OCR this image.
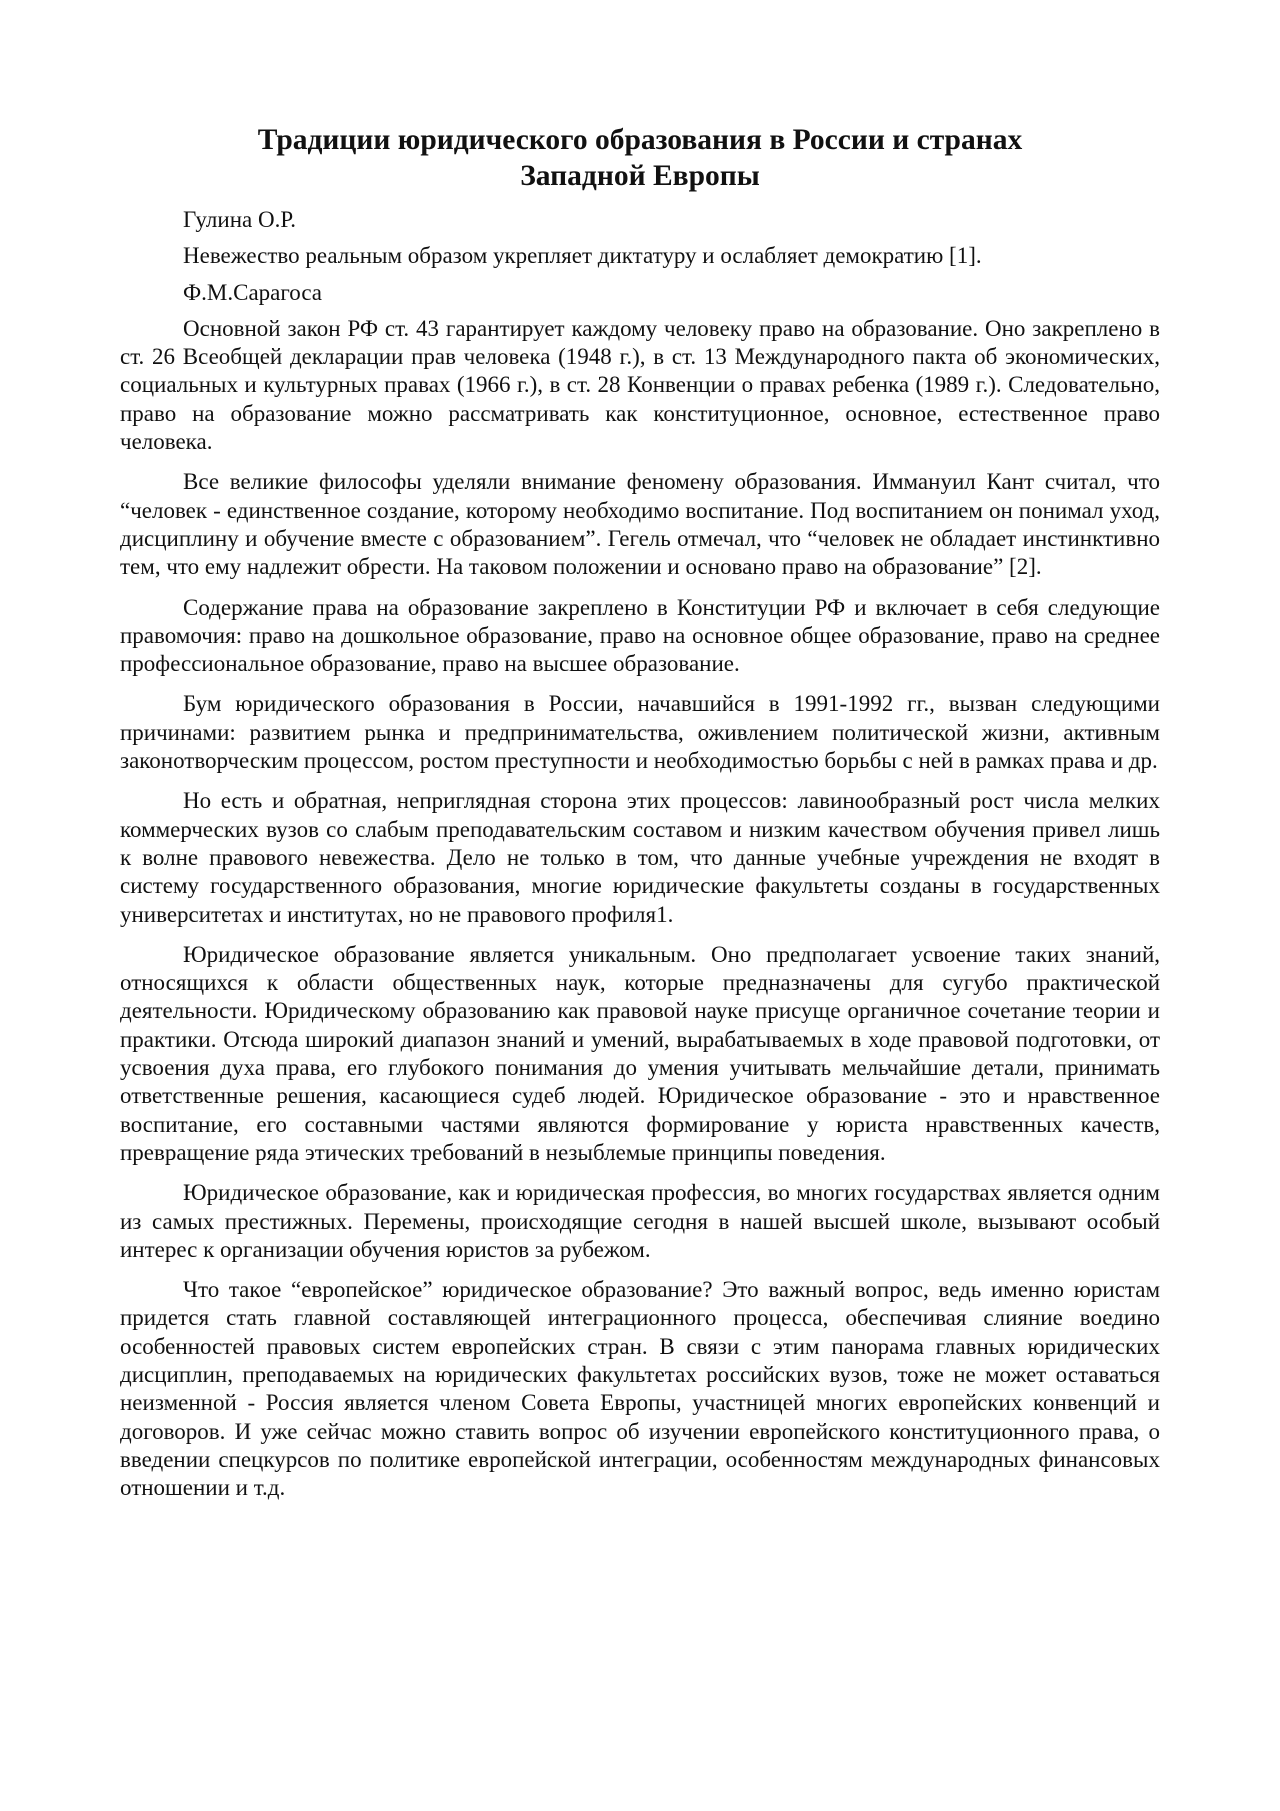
Традиции юридического образования в России и странах
Западной Европы

Гулина О.Р.

Невежество реальным образом укрепляет диктатуру и ослабляет демократию [1].

Ф.М.Сарагоса

Основной закон РФ ст. 43 гарантирует каждому человеку право на образование. Оно закреплено в ст. 26 Всеобщей декларации прав человека (1948 г.), в ст. 13 Международного пакта об экономических, социальных и культурных правах (1966 г.), в ст. 28 Конвенции о правах ребенка (1989 г.). Следовательно, право на образование можно рассматривать как конституционное, основное, естественное право человека.

Все великие философы уделяли внимание феномену образования. Иммануил Кант считал, что “человек - единственное создание, которому необходимо воспитание. Под воспитанием он понимал уход, дисциплину и обучение вместе с образованием”. Гегель отмечал, что “человек не обладает инстинктивно тем, что ему надлежит обрести. На таковом положении и основано право на образование” [2].

Содержание права на образование закреплено в Конституции РФ и включает в себя следующие правомочия: право на дошкольное образование, право на основное общее образование, право на среднее профессиональное образование, право на высшее образование.

Бум юридического образования в России, начавшийся в 1991-1992 гг., вызван следующими причинами: развитием рынка и предпринимательства, оживлением политической жизни, активным законотворческим процессом, ростом преступности и необходимостью борьбы с ней в рамках права и др.

Но есть и обратная, неприглядная сторона этих процессов: лавинообразный рост числа мелких коммерческих вузов со слабым преподавательским составом и низким качеством обучения привел лишь к волне правового невежества. Дело не только в том, что данные учебные учреждения не входят в систему государственного образования, многие юридические факультеты созданы в государственных университетах и институтах, но не правового профиля1.

Юридическое образование является уникальным. Оно предполагает усвоение таких знаний, относящихся к области общественных наук, которые предназначены для сугубо практической деятельности. Юридическому образованию как правовой науке присуще органичное сочетание теории и практики. Отсюда широкий диапазон знаний и умений, вырабатываемых в ходе правовой подготовки, от усвоения духа права, его глубокого понимания до умения учитывать мельчайшие детали, принимать ответственные решения, касающиеся судеб людей. Юридическое образование - это и нравственное воспитание, его составными частями являются формирование у юриста нравственных качеств, превращение ряда этических требований в незыблемые принципы поведения.

Юридическое образование, как и юридическая профессия, во многих государствах является одним из самых престижных. Перемены, происходящие сегодня в нашей высшей школе, вызывают особый интерес к организации обучения юристов за рубежом.

Что такое “европейское” юридическое образование? Это важный вопрос, ведь именно юристам придется стать главной составляющей интеграционного процесса, обеспечивая слияние воедино особенностей правовых систем европейских стран. В связи с этим панорама главных юридических дисциплин, преподаваемых на юридических факультетах российских вузов, тоже не может оставаться неизменной - Россия является членом Совета Европы, участницей многих европейских конвенций и договоров. И уже сейчас можно ставить вопрос об изучении европейского конституционного права, о введении спецкурсов по политике европейской интеграции, особенностям международных финансовых отношении и т.д.
